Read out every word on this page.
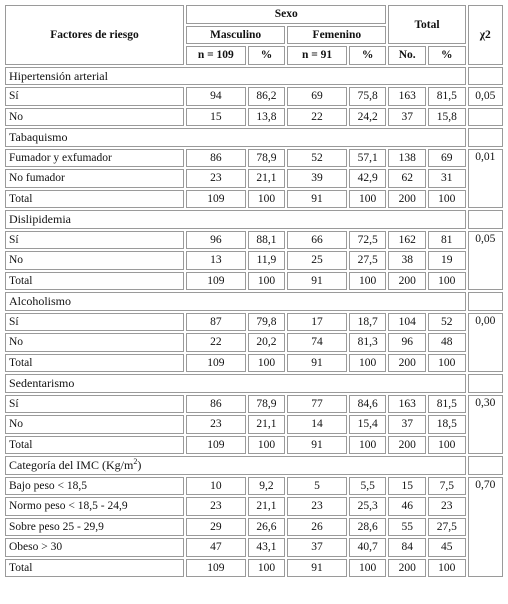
Factores de riesgo	Sexo				Total		χ2
	Masculino		Femenino				
	n = 109	%	n = 91	%	No.	%	
Hipertensión arterial							
Sí	94	86,2	69	75,8	163	81,5	0,05
No	15	13,8	22	24,2	37	15,8	
Tabaquismo							
Fumador y exfumador	86	78,9	52	57,1	138	69	0,01
No fumador	23	21,1	39	42,9	62	31	
Total	109	100	91	100	200	100	
Dislipidemia							
Sí	96	88,1	66	72,5	162	81	0,05
No	13	11,9	25	27,5	38	19	
Total	109	100	91	100	200	100	
Alcoholismo							
Sí	87	79,8	17	18,7	104	52	0,00
No	22	20,2	74	81,3	96	48	
Total	109	100	91	100	200	100	
Sedentarismo							
Sí	86	78,9	77	84,6	163	81,5	0,30
No	23	21,1	14	15,4	37	18,5	
Total	109	100	91	100	200	100	
Categoría del IMC $(Kg/m^2)$							
Bajo peso < 18,5	10	9,2	5	5,5	15	7,5	0,70
Normo peso < 18,5 - 24,9	23	21,1	23	25,3	46	23	
Sobre peso 25 - 29,9	29	26,6	26	28,6	55	27,5	
Obeso > 30	47	43,1	37	40,7	84	45	
Total	109	100	91	100	200	100	
